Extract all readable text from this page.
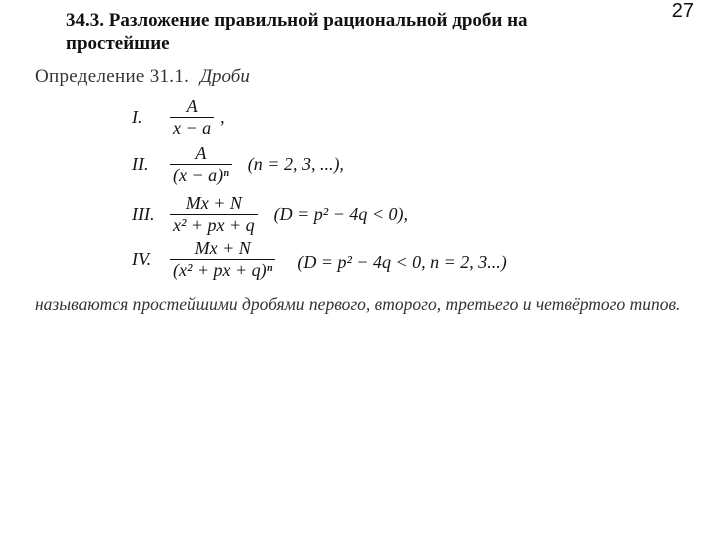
27
34.3. Разложение правильной рациональной дроби на простейшие
Определение 31.1. Дроби
I.	$\frac{A}{x - a}$ ,
II.	$\frac{A}{\text{(x − a)ⁿ}} (n = 2$, 3, ...),
III. $\frac{Mx + N}{\text{x² + px + q}} (D = p^2 - 4q < 0)$,
IV.	$\frac{Mx + N}{\text{(x² + px + q)ⁿ}} (D = p^2 - 4q < 0$, n = 2, 3...)
называются простейшими дробями первого, второго, третьего и четвёртого типов.
